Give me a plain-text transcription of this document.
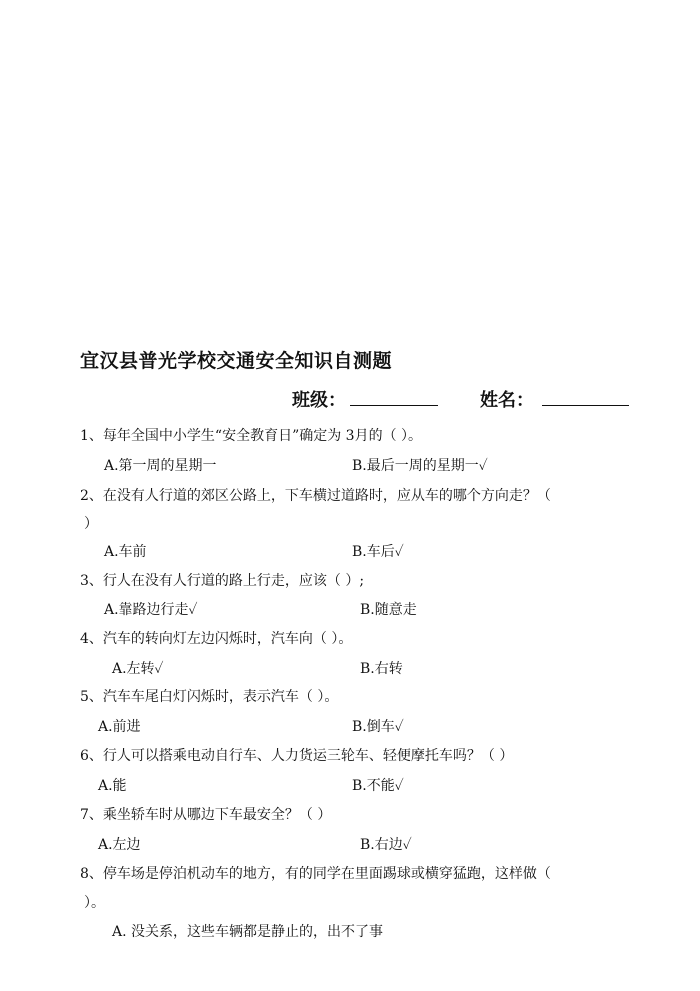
宜汉县普光学校交通安全知识自测题
班级：	姓名：
1、每年全国中小学生“安全教育日”确定为 3月的（ ）。
A.第一周的星期一	B.最后一周的星期一✓
2、在没有人行道的郊区公路上，下车横过道路时，应从车的哪个方向走？（
）
A.车前	B.车后✓
3、行人在没有人行道的路上行走，应该（ ）;
A.靠路边行走✓	B.随意走
4、汽车的转向灯左边闪烁时，汽车向（ ）。
A.左转✓	B.右转
5、汽车车尾白灯闪烁时，表示汽车（ ）。
A.前进	B.倒车✓
6、行人可以搭乘电动自行车、人力货运三轮车、轻便摩托车吗？（ ）
A.能	B.不能✓
7、乘坐轿车时从哪边下车最安全？（ ）
A.左边	B.右边✓
8、停车场是停泊机动车的地方，有的同学在里面踢球或横穿猛跑，这样做（
）。
A. 没关系，这些车辆都是静止的，出不了事
